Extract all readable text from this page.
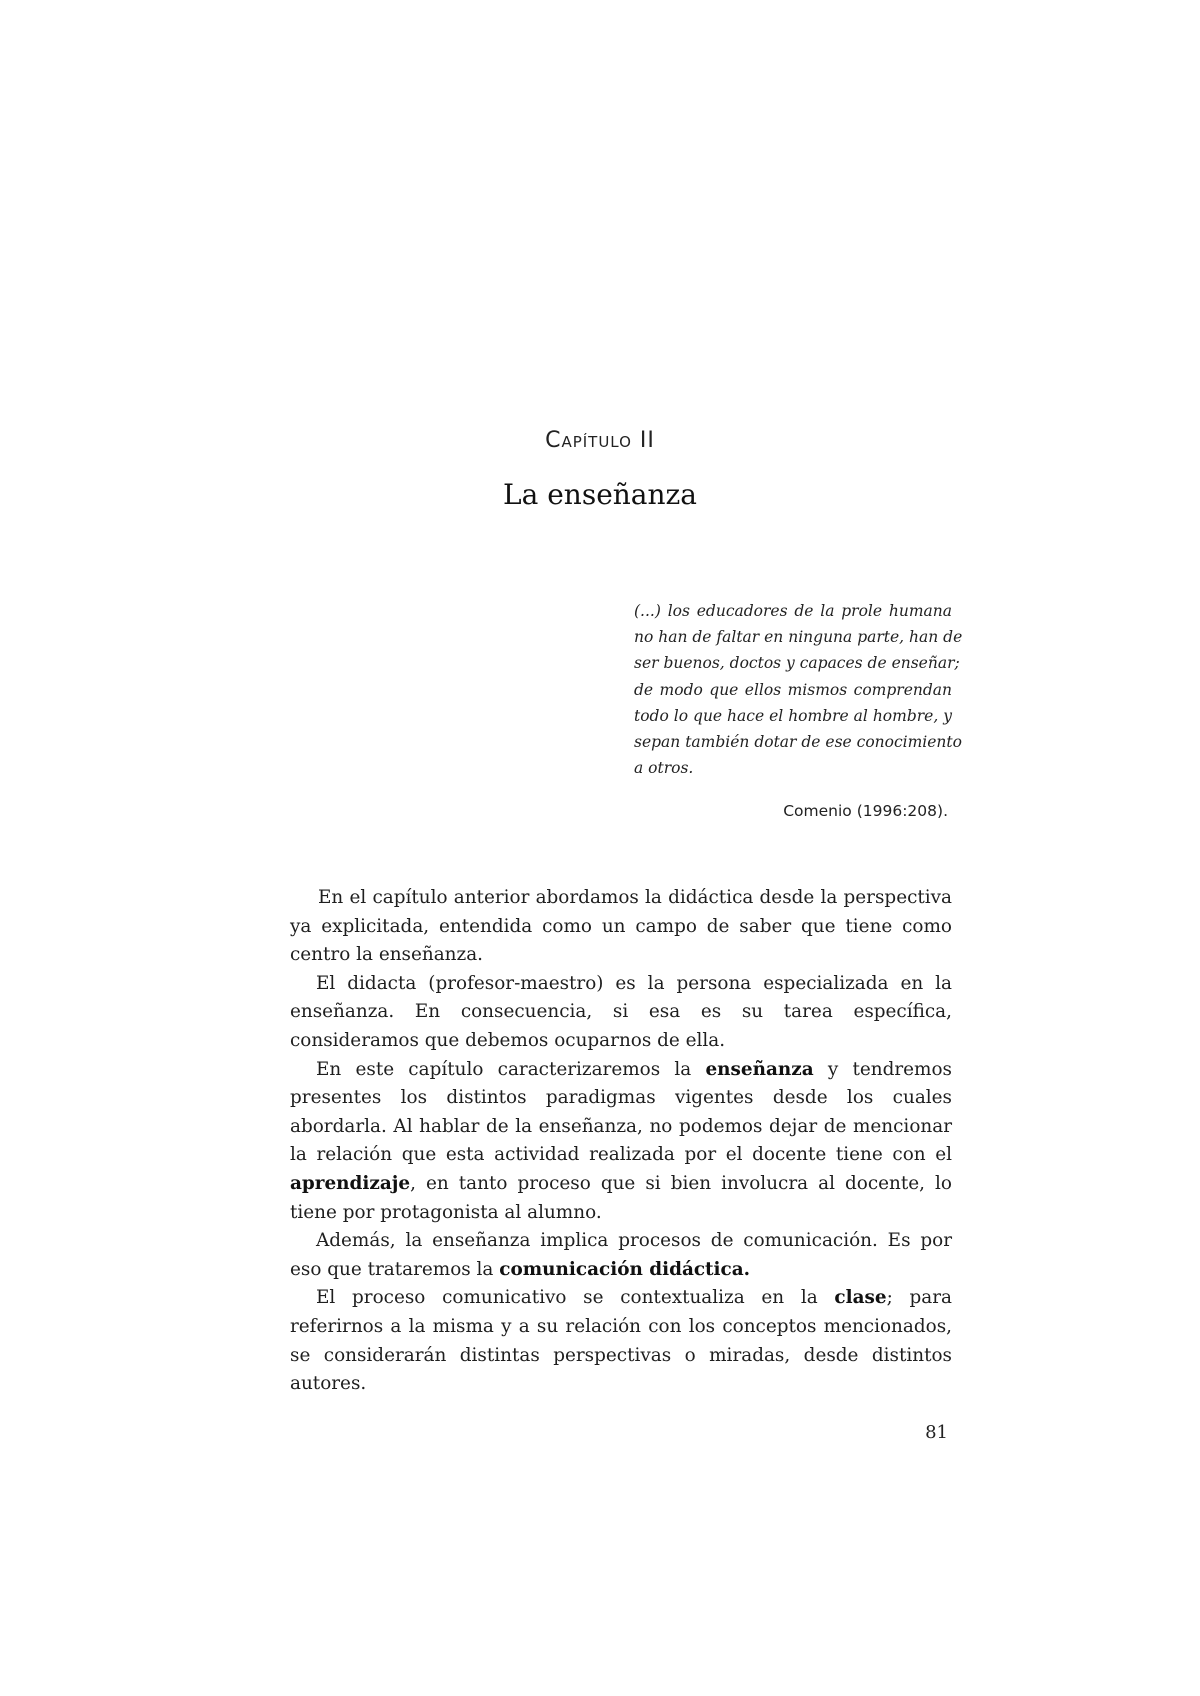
Capítulo II
La enseñanza
(...) los educadores de la prole humana
no han de faltar en ninguna parte, han de
ser buenos, doctos y capaces de enseñar;
de modo que ellos mismos comprendan
todo lo que hace el hombre al hombre, y
sepan también dotar de ese conocimiento
a otros.
Comenio (1996:208).

En el capítulo anterior abordamos la didáctica desde la perspectiva ya explicitada, entendida como un campo de saber que tiene como centro la enseñanza.

El didacta (profesor-maestro) es la persona especializada en la enseñanza. En consecuencia, si esa es su tarea específica, consideramos que debemos ocuparnos de ella.

En este capítulo caracterizaremos la enseñanza y tendremos presentes los distintos paradigmas vigentes desde los cuales abordarla. Al hablar de la enseñanza, no podemos dejar de mencionar la relación que esta actividad realizada por el docente tiene con el aprendizaje, en tanto proceso que si bien involucra al docente, lo tiene por protagonista al alumno.

Además, la enseñanza implica procesos de comunicación. Es por eso que trataremos la comunicación didáctica.

El proceso comunicativo se contextualiza en la clase; para referirnos a la misma y a su relación con los conceptos mencionados, se considerarán distintas perspectivas o miradas, desde distintos autores.

81
